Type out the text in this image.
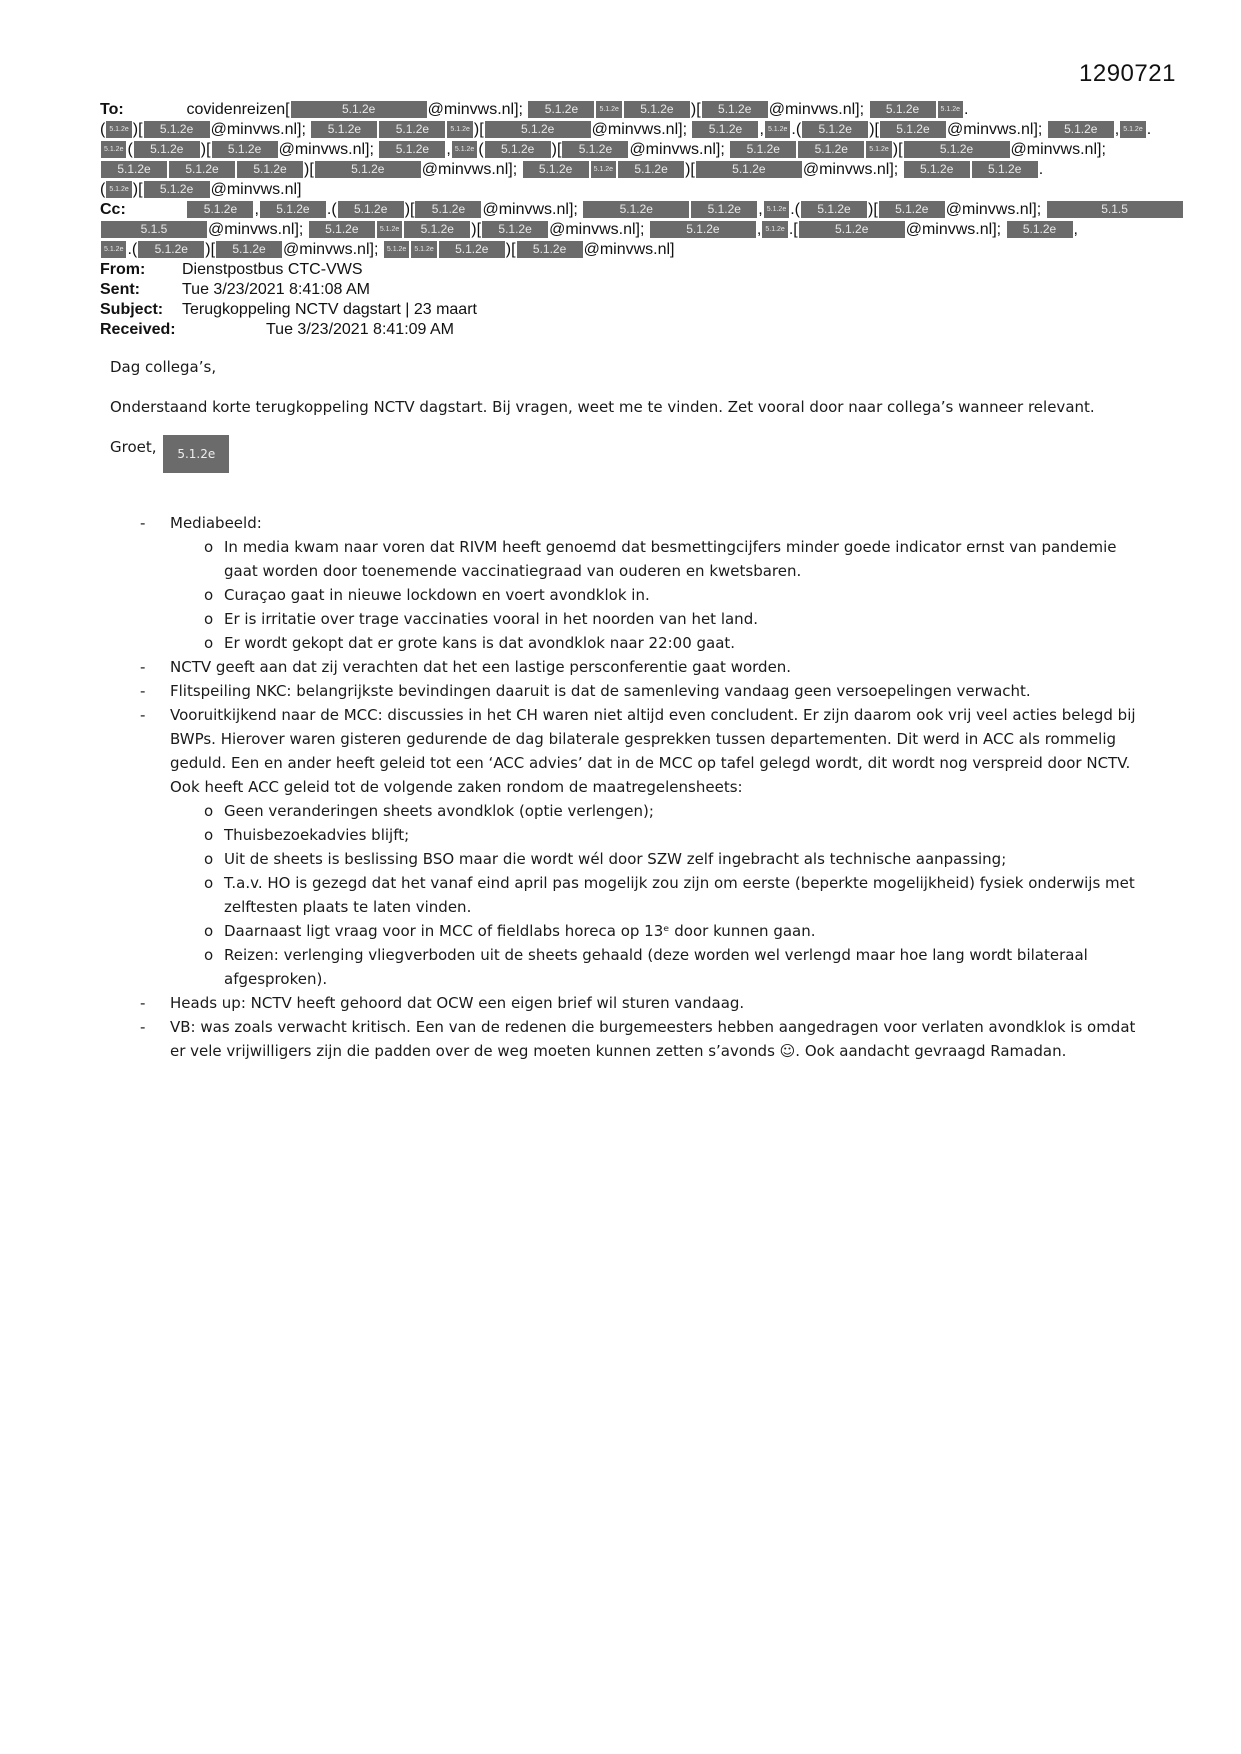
1290721
To:	covidenreizen[	5.1.2e	@minvws.nl]; 5.1.2e	5.1.2e 5.1.2e )[ 5.1.2e @minvws.nl]; 5.1.2e	5.1.2e .
( 5.1.2e )[ 5.1.2e @minvws.nl]; 5.1.2e	5.1.2e	5.1.2e )[	5.1.2e @minvws.nl]; 5.1.2e , 5.1.2e .( 5.1.2e )[ 5.1.2e @minvws.nl]; 5.1.2e , 5.1.2e .
5.1.2e ( 5.1.2e )[ 5.1.2e @minvws.nl]; 5.1.2e , 5.1.2e ( 5.1.2e )[ 5.1.2e @minvws.nl]; 5.1.2e	5.1.2e	5.1.2e )[	5.1.2e @minvws.nl];
5.1.2e	5.1.2e	5.1.2e )[	5.1.2e @minvws.nl]; 5.1.2e	5.1.2e 5.1.2e )[	5.1.2e @minvws.nl]; 5.1.2e	5.1.2e .
( 5.1.2e )[ 5.1.2e @minvws.nl]
Cc:	5.1.2e , 5.1.2e .( 5.1.2e )[ 5.1.2e @minvws.nl];	5.1.2e	5.1.2e , 5.1.2e .( 5.1.2e )[ 5.1.2e @minvws.nl];	5.1.5
5.1.5	@minvws.nl]; 5.1.2e	5.1.2e 5.1.2e )[ 5.1.2e @minvws.nl];	5.1.2e , 5.1.2e .[	5.1.2e @minvws.nl]; 5.1.2e ,
5.1.2e .( 5.1.2e )[ 5.1.2e @minvws.nl]; 5.1.2e 5.1.2e 5.1.2e )[ 5.1.2e @minvws.nl]
From: Dienstpostbus CTC-VWS
Sent:	Tue 3/23/2021 8:41:08 AM
Subject: Terugkoppeling NCTV dagstart | 23 maart
Received:	Tue 3/23/2021 8:41:09 AM

Dag collega’s,

Onderstaand korte terugkoppeling NCTV dagstart. Bij vragen, weet me te vinden. Zet vooral door naar collega’s wanneer relevant.

Groet, 5.1.2e

- Mediabeeld:
o In media kwam naar voren dat RIVM heeft genoemd dat besmettingcijfers minder goede indicator ernst van pandemie gaat worden door toenemende vaccinatiegraad van ouderen en kwetsbaren.
o Curaçao gaat in nieuwe lockdown en voert avondklok in.
o Er is irritatie over trage vaccinaties vooral in het noorden van het land.
o Er wordt gekopt dat er grote kans is dat avondklok naar 22:00 gaat.
- NCTV geeft aan dat zij verachten dat het een lastige persconferentie gaat worden.
- Flitspeiling NKC: belangrijkste bevindingen daaruit is dat de samenleving vandaag geen versoepelingen verwacht.
- Vooruitkijkend naar de MCC: discussies in het CH waren niet altijd even concludent. Er zijn daarom ook vrij veel acties belegd bij BWPs. Hierover waren gisteren gedurende de dag bilaterale gesprekken tussen departementen. Dit werd in ACC als rommelig geduld. Een en ander heeft geleid tot een ‘ACC advies’ dat in de MCC op tafel gelegd wordt, dit wordt nog verspreid door NCTV. Ook heeft ACC geleid tot de volgende zaken rondom de maatregelensheets:
o Geen veranderingen sheets avondklok (optie verlengen);
o Thuisbezoekadvies blijft;
o Uit de sheets is beslissing BSO maar die wordt wél door SZW zelf ingebracht als technische aanpassing;
o T.a.v. HO is gezegd dat het vanaf eind april pas mogelijk zou zijn om eerste (beperkte mogelijkheid) fysiek onderwijs met zelftesten plaats te laten vinden.
o Daarnaast ligt vraag voor in MCC of fieldlabs horeca op 13ᵉ door kunnen gaan.
o Reizen: verlenging vliegverboden uit de sheets gehaald (deze worden wel verlengd maar hoe lang wordt bilateraal afgesproken).
- Heads up: NCTV heeft gehoord dat OCW een eigen brief wil sturen vandaag.
- VB: was zoals verwacht kritisch. Een van de redenen die burgemeesters hebben aangedragen voor verlaten avondklok is omdat er vele vrijwilligers zijn die padden over de weg moeten kunnen zetten s’avonds ☺. Ook aandacht gevraagd Ramadan.
